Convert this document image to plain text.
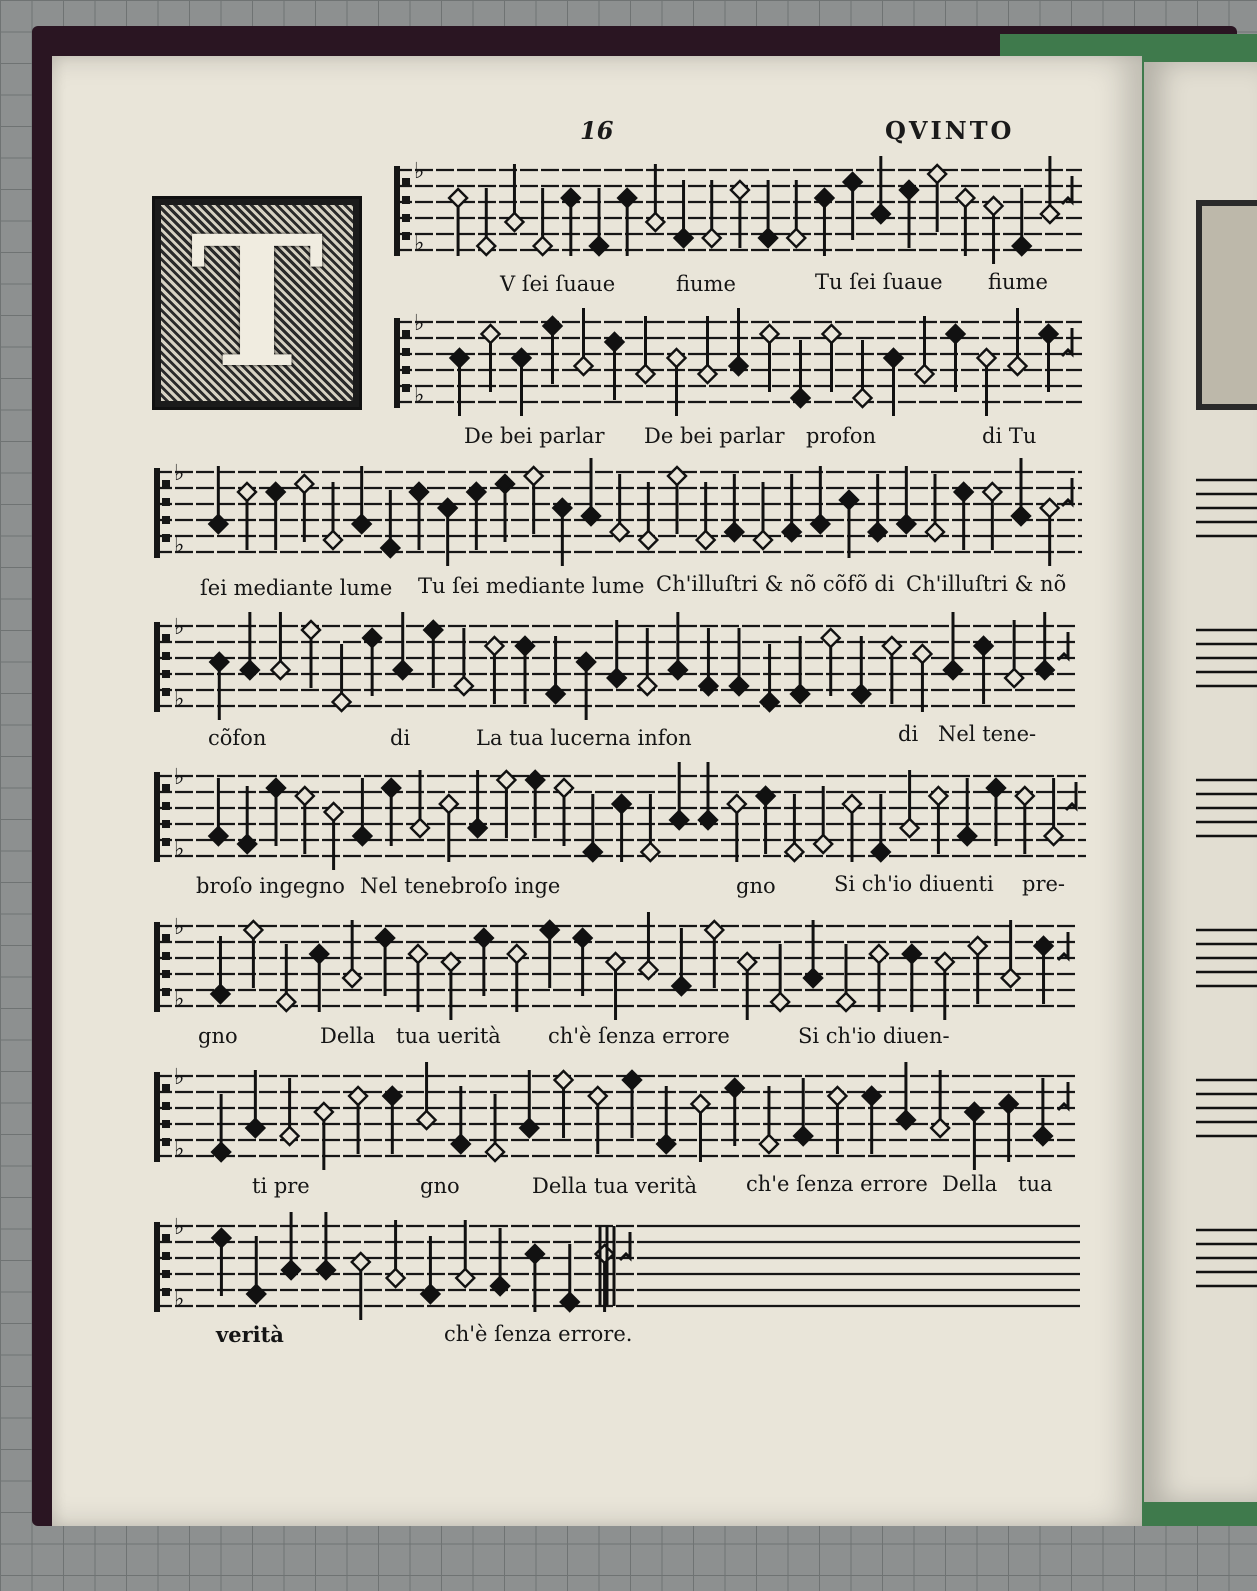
16	QVINTO
T
♭
♭
♭
♭
♭
♭
♭
♭
♭
♭
♭
♭
♭
♭
♭
♭
V ſei ſuaue	fiume	Tu ſei ſuaue fiume
De bei parlar De bei parlar profon	di Tu
ſei mediante lume Tu ſei mediante lume Ch'illuſtri & nõ cõfõ di Ch'illuſtri & nõ
cõfon	di	La tua lucerna infon	di Nel tene-
broſo ingegno Nel tenebroſo inge	gno	Si ch'io diuenti pre-
gno	Della tua uerità ch'è ſenza errore	Si ch'io diuen-
ti pre	gno	Della tua verità ch'e ſenza errore Della tua
verità	ch'è ſenza errore.
